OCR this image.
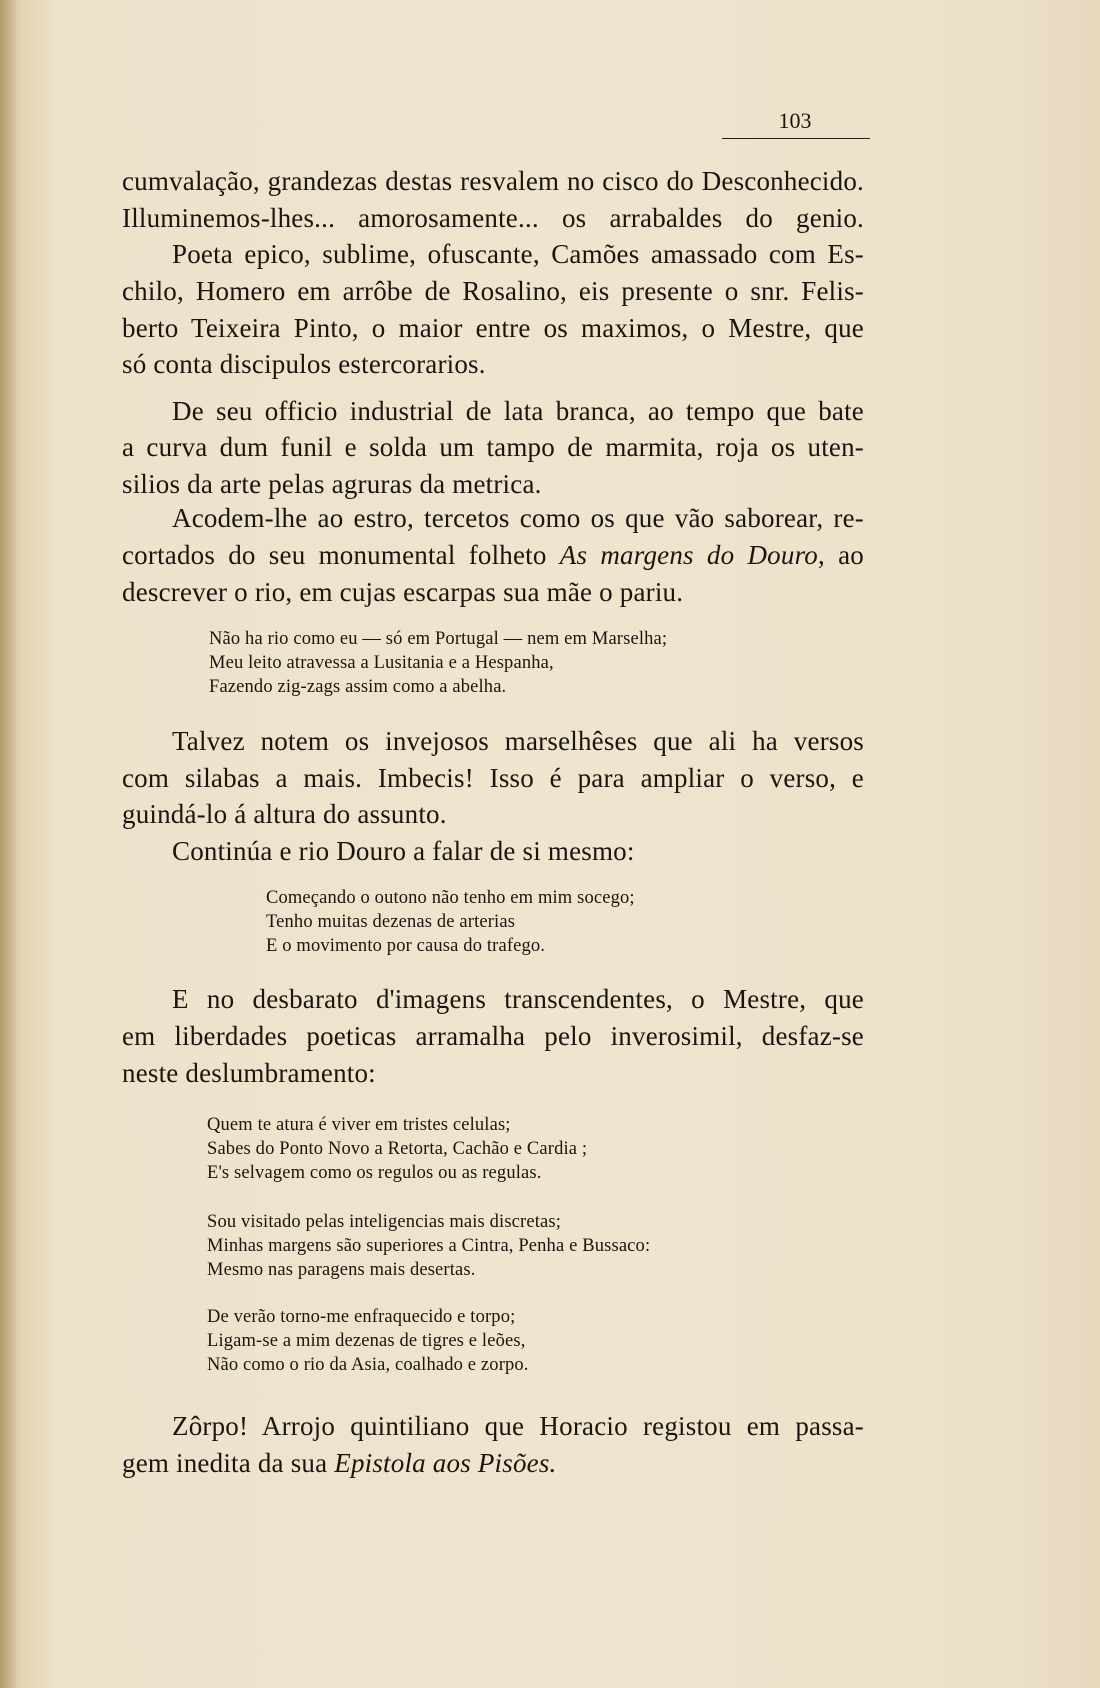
103

cumvalação, grandezas destas resvalem no cisco do Desconhecido.

Illuminemos-lhes... amorosamente... os arrabaldes do genio.

Poeta epico, sublime, ofuscante, Camões amassado com Es-

chilo, Homero em arrôbe de Rosalino, eis presente o snr. Felis-

berto Teixeira Pinto, o maior entre os maximos, o Mestre, que

só conta discipulos estercorarios.

De seu officio industrial de lata branca, ao tempo que bate

a curva dum funil e solda um tampo de marmita, roja os uten-

silios da arte pelas agruras da metrica.

Acodem-lhe ao estro, tercetos como os que vão saborear, re-

cortados do seu monumental folheto As margens do Douro, ao

descrever o rio, em cujas escarpas sua mãe o pariu.

Não ha rio como eu — só em Portugal — nem em Marselha;
Meu leito atravessa a Lusitania e a Hespanha,
Fazendo zig-zags assim como a abelha.

Talvez notem os invejosos marselhêses que ali ha versos

com silabas a mais. Imbecis! Isso é para ampliar o verso, e

guindá-lo á altura do assunto.

Continúa e rio Douro a falar de si mesmo:

Começando o outono não tenho em mim socego;
Tenho muitas dezenas de arterias
E o movimento por causa do trafego.

E no desbarato d'imagens transcendentes, o Mestre, que

em liberdades poeticas arramalha pelo inverosimil, desfaz-se

neste deslumbramento:

Quem te atura é viver em tristes celulas;
Sabes do Ponto Novo a Retorta, Cachão e Cardia ;
E's selvagem como os regulos ou as regulas.
Sou visitado pelas inteligencias mais discretas;
Minhas margens são superiores a Cintra, Penha e Bussaco:
Mesmo nas paragens mais desertas.
De verão torno-me enfraquecido e torpo;
Ligam-se a mim dezenas de tigres e leões,
Não como o rio da Asia, coalhado e zorpo.

Zôrpo! Arrojo quintiliano que Horacio registou em passa-

gem inedita da sua Epistola aos Pisões.
